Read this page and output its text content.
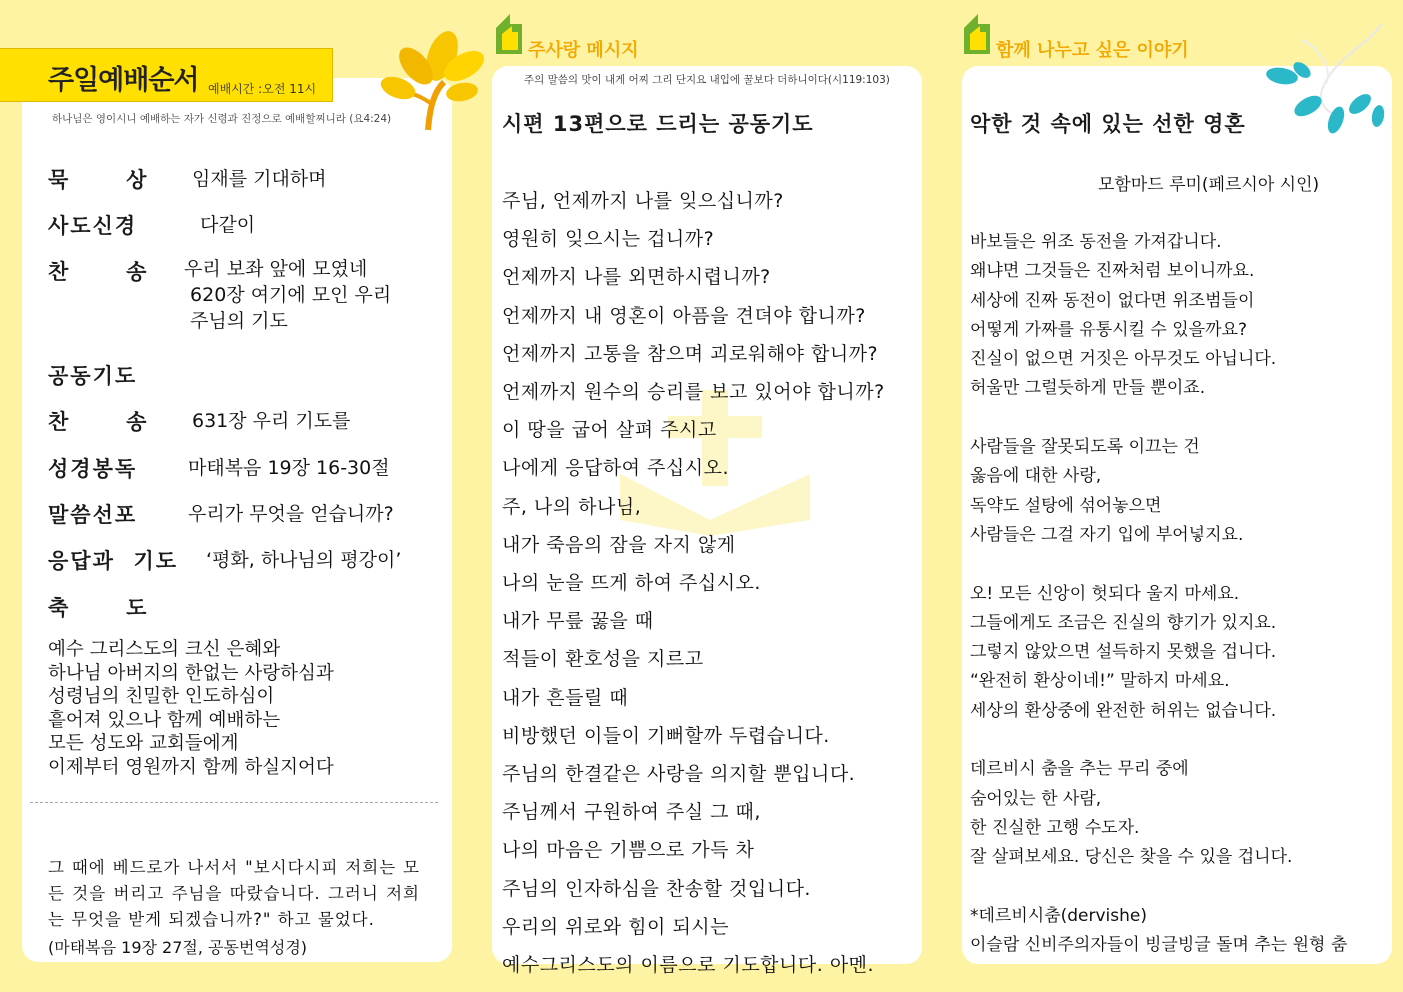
주일예배순서 예배시간 :오전 11시
하나님은 영이시니 예배하는 자가 신령과 진정으로 예배할찌니라 (요4:24)
묵      상 임재를 기대하며
사도신경	다같이
찬      송 우리 보좌 앞에 모였네
620장 여기에 모인 우리
주님의 기도
공동기도
찬      송 631장 우리 기도를
성경봉독	마태복음 19장 16-30절
말씀선포	우리가 무엇을 얻습니까?
응답과  기도 ‘평화, 하나님의 평강이’
축      도
예수 그리스도의 크신 은혜와
하나님 아버지의 한없는 사랑하심과
성령님의 친밀한 인도하심이
흩어져 있으나 함께 예배하는
모든 성도와 교회들에게
이제부터 영원까지 함께 하실지어다
그 때에 베드로가 나서서 "보시다시피 저희는 모든 것을 버리고 주님을 따랐습니다. 그러니 저희는 무엇을 받게 되겠습니까?" 하고 물었다.
(마태복음 19장 27절, 공동번역성경)
주사랑 메시지
주의 말씀의 맛이 내게 어찌 그리 단지요 내입에 꿀보다 더하니이다(시119:103)
시편 13편으로 드리는 공동기도
주님, 언제까지 나를 잊으십니까?
영원히 잊으시는 겁니까?
언제까지 나를 외면하시렵니까?
언제까지 내 영혼이 아픔을 견뎌야 합니까?
언제까지 고통을 참으며 괴로워해야 합니까?
언제까지 원수의 승리를 보고 있어야 합니까?
이 땅을 굽어 살펴 주시고
나에게 응답하여 주십시오.
주, 나의 하나님,
내가 죽음의 잠을 자지 않게
나의 눈을 뜨게 하여 주십시오.
내가 무릎 꿇을 때
적들이 환호성을 지르고
내가 흔들릴 때
비방했던 이들이 기뻐할까 두렵습니다.
주님의 한결같은 사랑을 의지할 뿐입니다.
주님께서 구원하여 주실 그 때,
나의 마음은 기쁨으로 가득 차
주님의 인자하심을 찬송할 것입니다.
우리의 위로와 힘이 되시는
예수그리스도의 이름으로 기도합니다. 아멘.
함께 나누고 싶은 이야기
악한 것 속에 있는 선한 영혼
모함마드 루미(페르시아 시인)
바보들은 위조 동전을 가져갑니다.
왜냐면 그것들은 진짜처럼 보이니까요.
세상에 진짜 동전이 없다면 위조범들이
어떻게 가짜를 유통시킬 수 있을까요?
진실이 없으면 거짓은 아무것도 아닙니다.
허울만 그럴듯하게 만들 뿐이죠.

사람들을 잘못되도록 이끄는 건
옳음에 대한 사랑,
독약도 설탕에 섞어놓으면
사람들은 그걸 자기 입에 부어넣지요.

오! 모든 신앙이 헛되다 울지 마세요.
그들에게도 조금은 진실의 향기가 있지요.
그렇지 않았으면 설득하지 못했을 겁니다.
“완전히 환상이네!” 말하지 마세요.
세상의 환상중에 완전한 허위는 없습니다.

데르비시 춤을 추는 무리 중에
숨어있는 한 사람,
한 진실한 고행 수도자.
잘 살펴보세요. 당신은 찾을 수 있을 겁니다.

*데르비시춤(dervishe)
이슬람 신비주의자들이 빙글빙글 돌며 추는 원형 춤
